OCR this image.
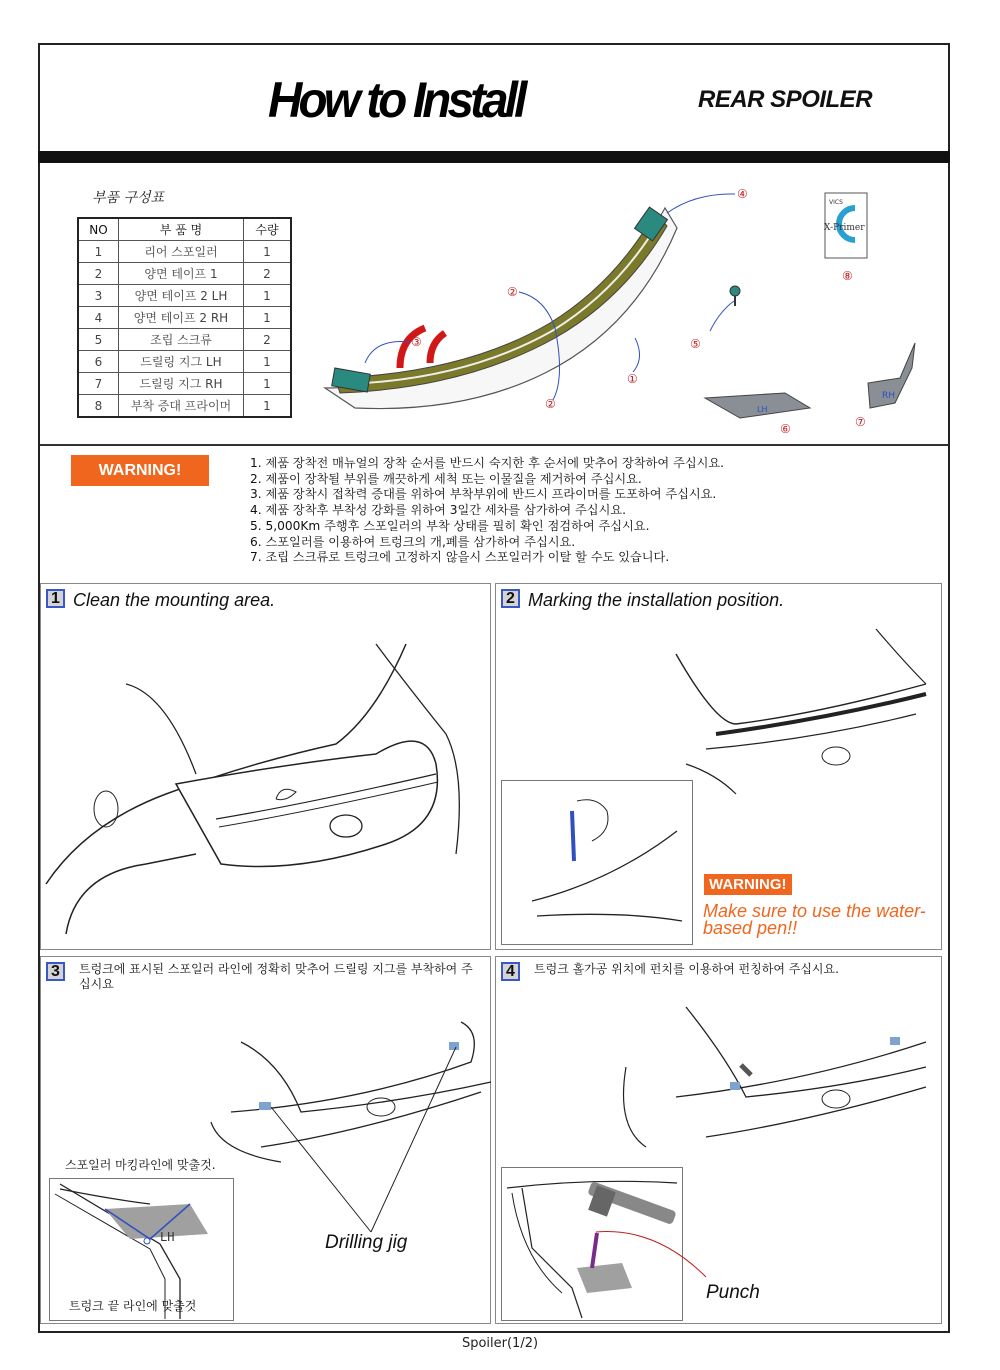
How to Install	REAR SPOILER
부품 구성표
NO	부 품 명	수량
1	리어 스포일러	1
2	양면 테이프 1	2
3	양면 테이프 2 LH	1
4	양면 테이프 2 RH	1
5	조립 스크류	2
6	드릴링 지그 LH	1
7	드릴링 지그 RH	1
8	부착 증대 프라이머	1
①
②
②
③
④
⑤
VICS
X-Primer
⑧
LH
⑥
RH
⑦
WARNING!	1. 제품 장착전 매뉴얼의 장착 순서를 반드시 숙지한 후 순서에 맞추어 장착하여 주십시요.
2. 제품이 장착될 부위를 깨끗하게 세척 또는 이물질을 제거하여 주십시요.
3. 제품 장착시 접착력 증대를 위하여 부착부위에 반드시 프라이머를 도포하여 주십시요.
4. 제품 장착후 부착성 강화를 위하여 3일간 세차를 삼가하여 주십시요.
5. 5,000Km 주행후 스포일러의 부착 상태를 필히 확인 점검하여 주십시요.
6. 스포일러를 이용하여 트렁크의 개,폐를 삼가하여 주십시요.
7. 조립 스크류로 트렁크에 고정하지 않을시 스포일러가 이탈 할 수도 있습니다.
1 Clean the mounting area.	2 Marking the installation position.
WARNING!
Make sure to use the water-based pen!!
3	트렁크에 표시된 스포일러 라인에 정확히 맞추어 드릴링 지그를 부착하여 주십시요
스포일러 마킹라인에 맞출것.
LH
트렁크 끝 라인에 맞출것
Drilling jig
4	트렁크 홀가공 위치에 펀치를 이용하여 펀칭하여 주십시요.
Punch
Spoiler(1/2)
